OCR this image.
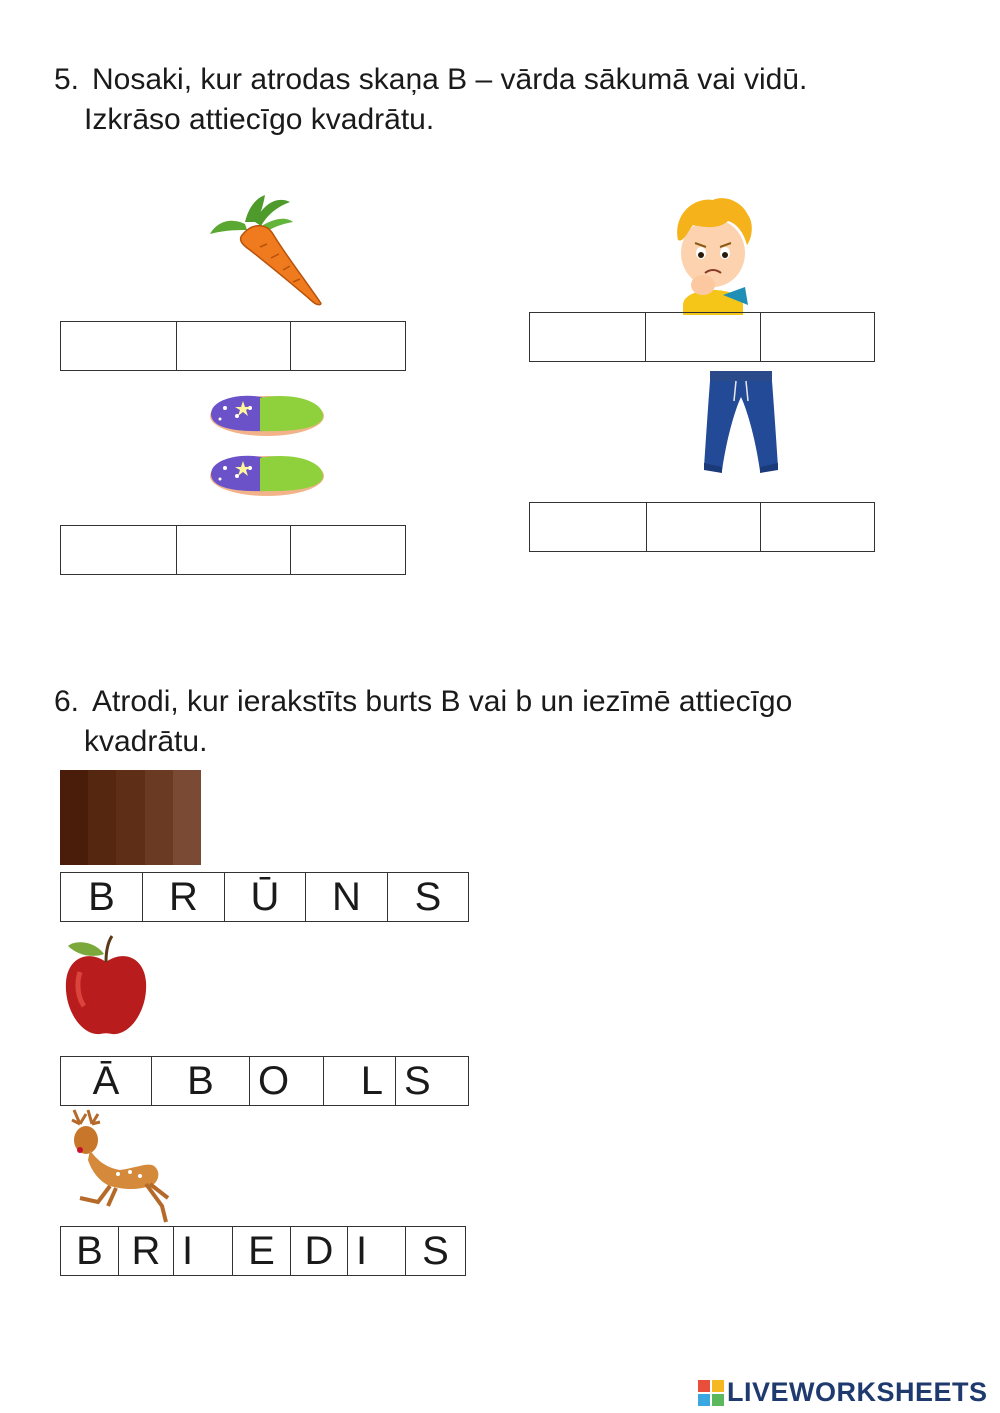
5. Nosaki, kur atrodas skaņa B – vārda sākumā vai vidū.
Izkrāso attiecīgo kvadrātu.

6. Atrodi, kur ierakstīts burts B vai b un iezīmē attiecīgo
kvadrātu.

B	R	Ū	N	S
Ā	B	O	L S
B R I	E D I	S
LIVEWORKSHEETS
